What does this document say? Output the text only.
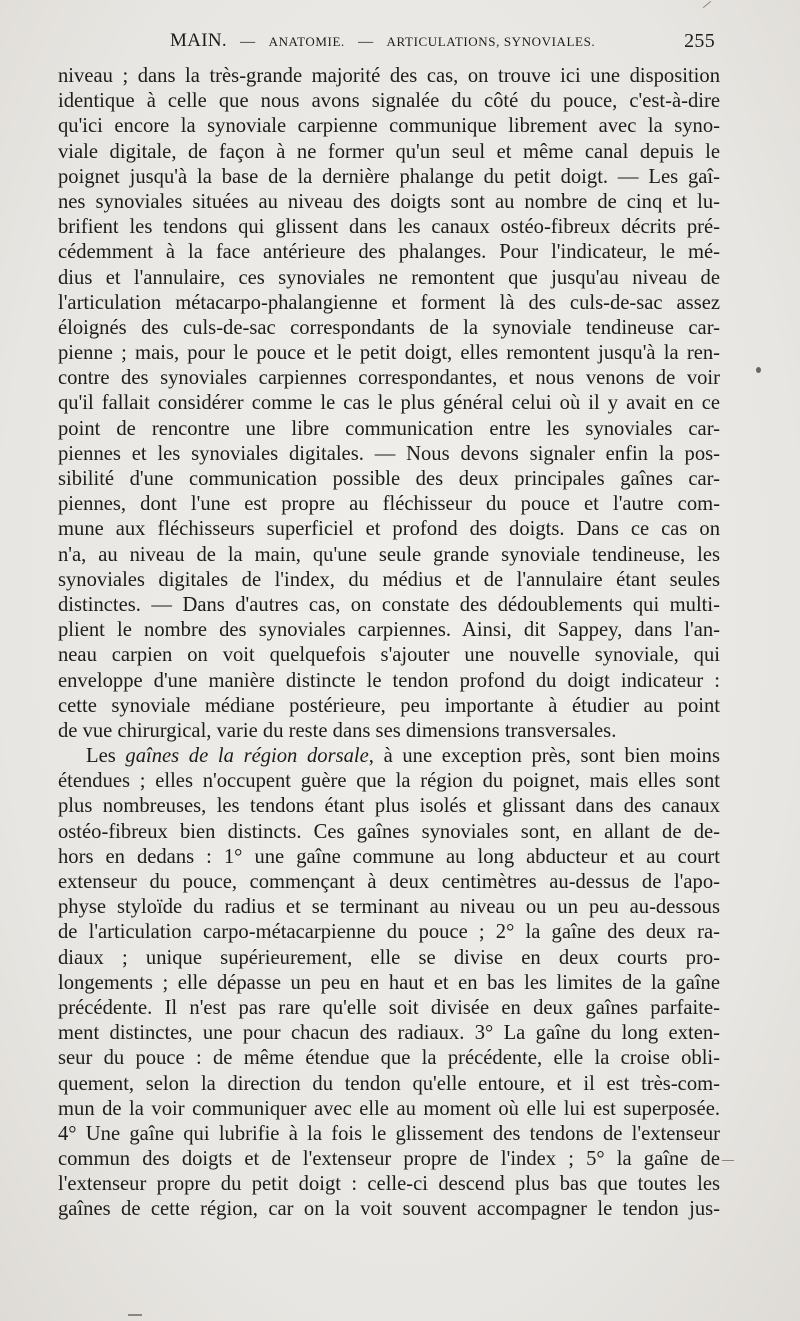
MAIN. — ANATOMIE. — ARTICULATIONS, SYNOVIALES.	255
niveau ; dans la très-grande majorité des cas, on trouve ici une disposition
identique à celle que nous avons signalée du côté du pouce, c'est-à-dire
qu'ici encore la synoviale carpienne communique librement avec la syno-
viale digitale, de façon à ne former qu'un seul et même canal depuis le
poignet jusqu'à la base de la dernière phalange du petit doigt. — Les gaî-
nes synoviales situées au niveau des doigts sont au nombre de cinq et lu-
brifient les tendons qui glissent dans les canaux ostéo-fibreux décrits pré-
cédemment à la face antérieure des phalanges. Pour l'indicateur, le mé-
dius et l'annulaire, ces synoviales ne remontent que jusqu'au niveau de
l'articulation métacarpo-phalangienne et forment là des culs-de-sac assez
éloignés des culs-de-sac correspondants de la synoviale tendineuse car-
pienne ; mais, pour le pouce et le petit doigt, elles remontent jusqu'à la ren-
contre des synoviales carpiennes correspondantes, et nous venons de voir
qu'il fallait considérer comme le cas le plus général celui où il y avait en ce
point de rencontre une libre communication entre les synoviales car-
piennes et les synoviales digitales. — Nous devons signaler enfin la pos-
sibilité d'une communication possible des deux principales gaînes car-
piennes, dont l'une est propre au fléchisseur du pouce et l'autre com-
mune aux fléchisseurs superficiel et profond des doigts. Dans ce cas on
n'a, au niveau de la main, qu'une seule grande synoviale tendineuse, les
synoviales digitales de l'index, du médius et de l'annulaire étant seules
distinctes. — Dans d'autres cas, on constate des dédoublements qui multi-
plient le nombre des synoviales carpiennes. Ainsi, dit Sappey, dans l'an-
neau carpien on voit quelquefois s'ajouter une nouvelle synoviale, qui
enveloppe d'une manière distincte le tendon profond du doigt indicateur :
cette synoviale médiane postérieure, peu importante à étudier au point
de vue chirurgical, varie du reste dans ses dimensions transversales.
Les gaînes de la région dorsale, à une exception près, sont bien moins
étendues ; elles n'occupent guère que la région du poignet, mais elles sont
plus nombreuses, les tendons étant plus isolés et glissant dans des canaux
ostéo-fibreux bien distincts. Ces gaînes synoviales sont, en allant de de-
hors en dedans : 1° une gaîne commune au long abducteur et au court
extenseur du pouce, commençant à deux centimètres au-dessus de l'apo-
physe styloïde du radius et se terminant au niveau ou un peu au-dessous
de l'articulation carpo-métacarpienne du pouce ; 2° la gaîne des deux ra-
diaux ; unique supérieurement, elle se divise en deux courts pro-
longements ; elle dépasse un peu en haut et en bas les limites de la gaîne
précédente. Il n'est pas rare qu'elle soit divisée en deux gaînes parfaite-
ment distinctes, une pour chacun des radiaux. 3° La gaîne du long exten-
seur du pouce : de même étendue que la précédente, elle la croise obli-
quement, selon la direction du tendon qu'elle entoure, et il est très-com-
mun de la voir communiquer avec elle au moment où elle lui est superposée.
4° Une gaîne qui lubrifie à la fois le glissement des tendons de l'extenseur
commun des doigts et de l'extenseur propre de l'index ; 5° la gaîne de
l'extenseur propre du petit doigt : celle-ci descend plus bas que toutes les
gaînes de cette région, car on la voit souvent accompagner le tendon jus-
